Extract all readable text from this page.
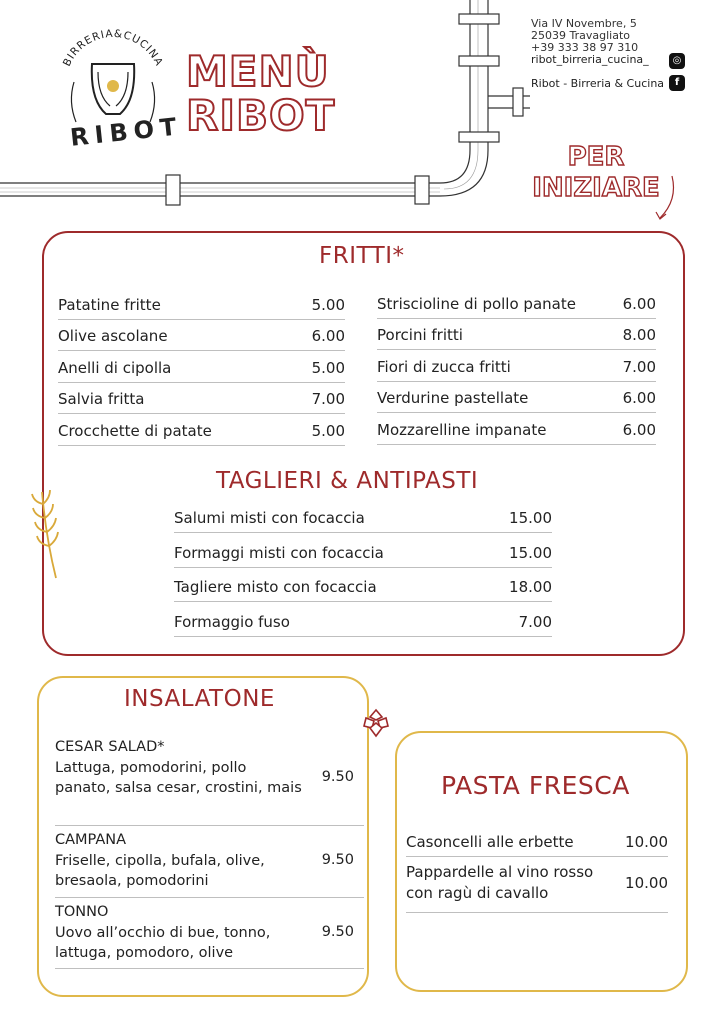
BIRRERIA&CUCINA
RIBOT
MENÙ
RIBOT
Via IV Novembre, 5
25039 Travagliato
+39 333 38 97 310
ribot_birreria_cucina_	◎
Ribot - Birreria & Cucina	f
PER
INIZIARE
FRITTI*
Patatine fritte	5.00
Olive ascolane	6.00
Anelli di cipolla	5.00
Salvia fritta	7.00
Crocchette di patate	5.00
Striscioline di pollo panate	6.00
Porcini fritti	8.00
Fiori di zucca fritti	7.00
Verdurine pastellate	6.00
Mozzarelline impanate	6.00
TAGLIERI & ANTIPASTI
Salumi misti con focaccia	15.00
Formaggi misti con focaccia	15.00
Tagliere misto con focaccia	18.00
Formaggio fuso	7.00
INSALATONE
CESAR SALAD*
Lattuga, pomodorini, pollo panato, salsa cesar, crostini, mais
9.50
CAMPANA
Friselle, cipolla, bufala, olive, bresaola, pomodorini
9.50
TONNO
Uovo all’occhio di bue, tonno, lattuga, pomodoro, olive
9.50
PASTA FRESCA
Casoncelli alle erbette	10.00
Pappardelle al vino rosso con ragù di cavallo
10.00
